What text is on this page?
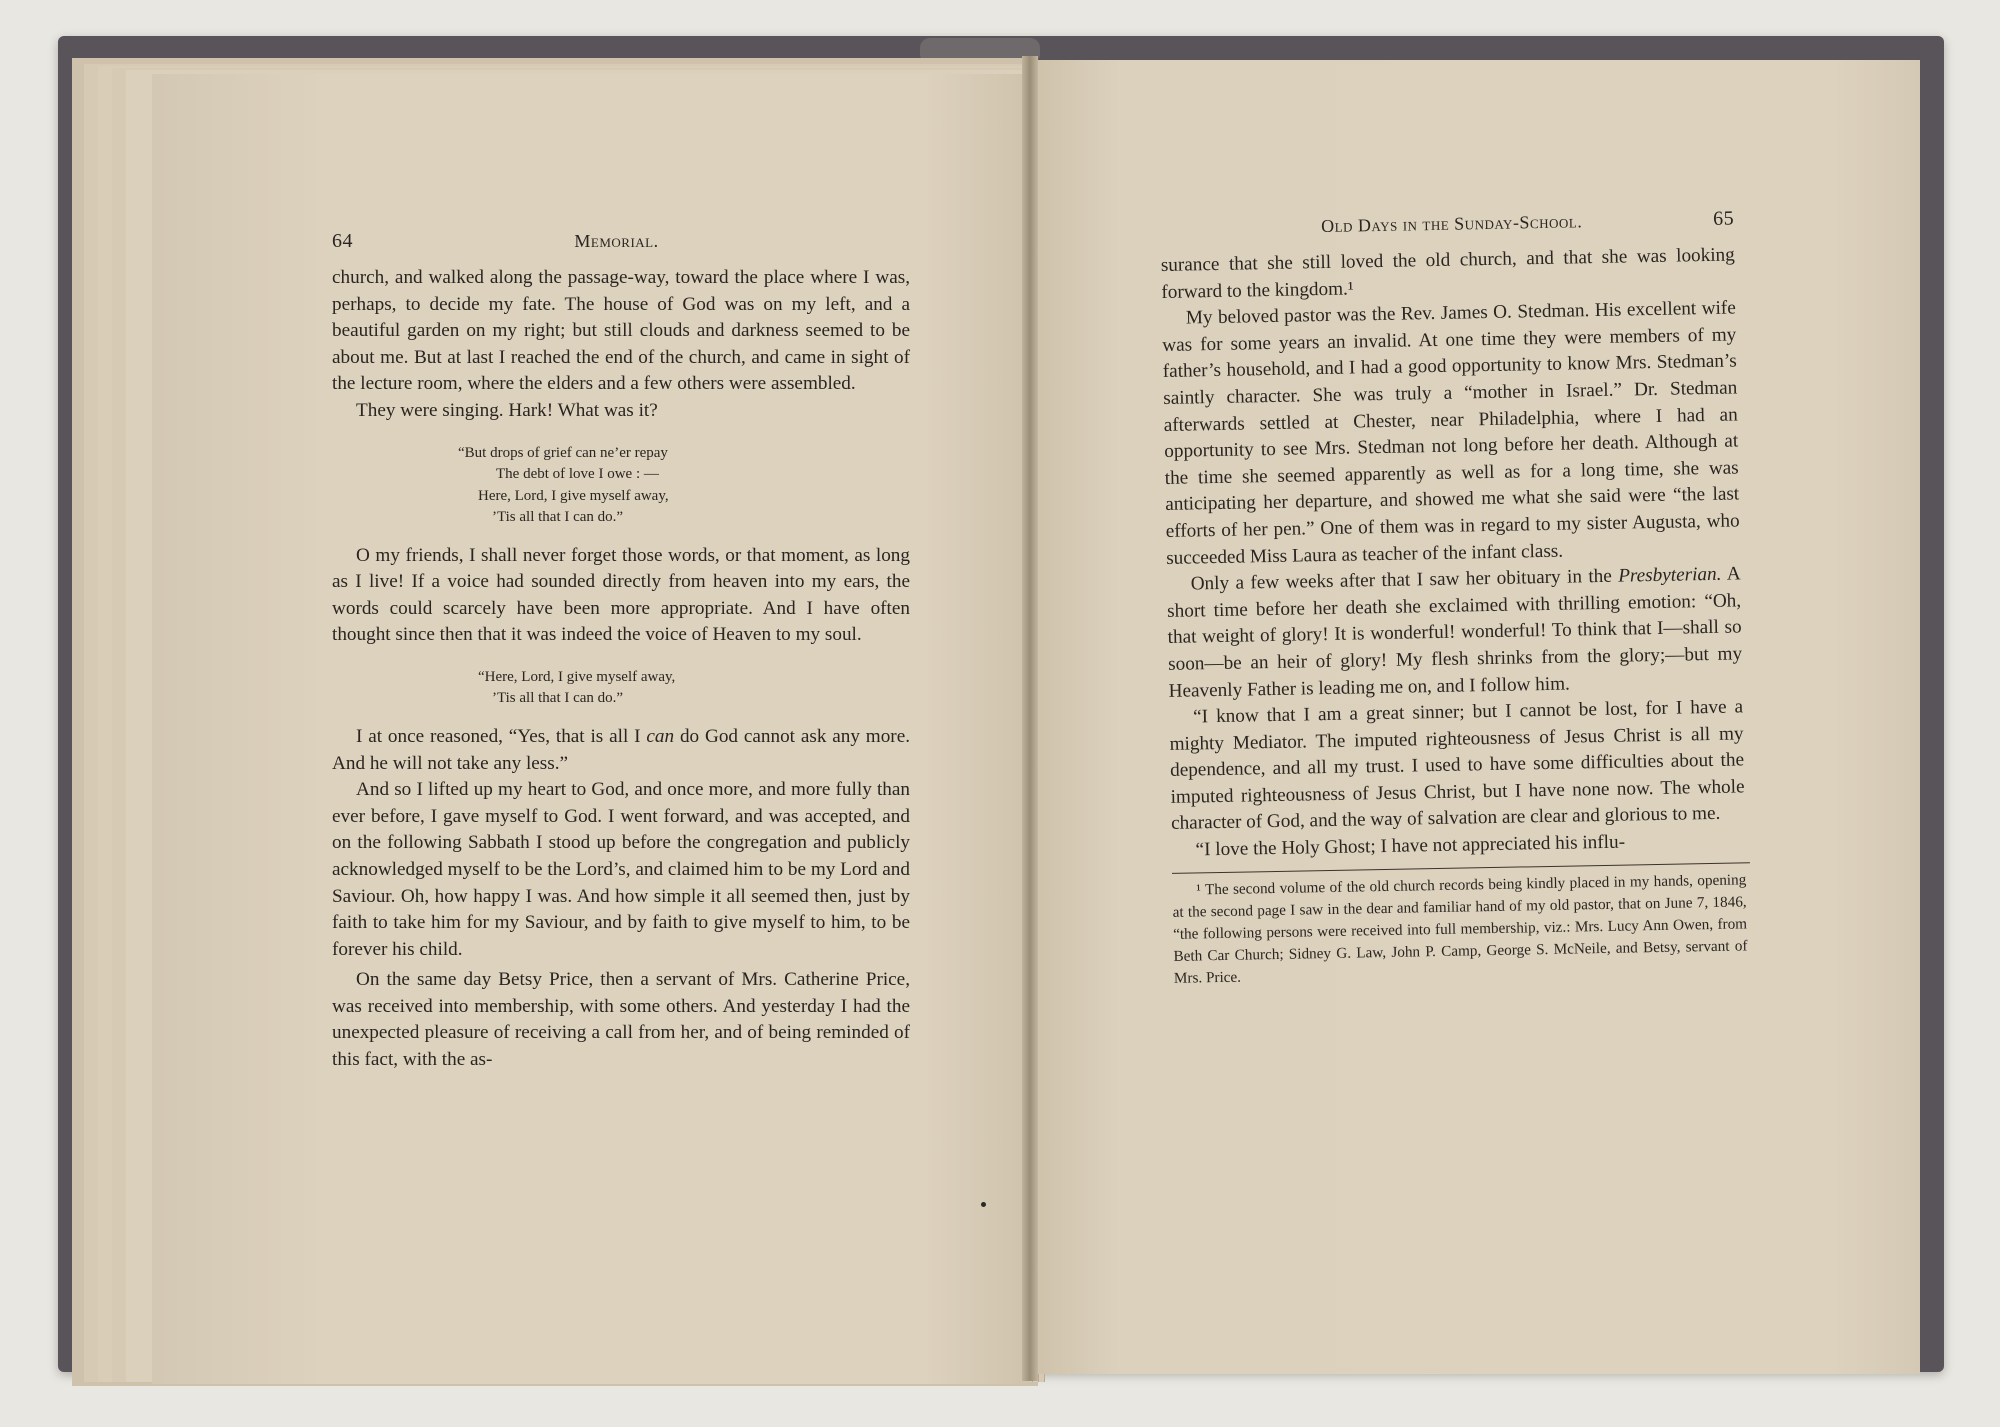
64	Memorial.

church, and walked along the passage-way, toward the place where I was, perhaps, to decide my fate. The house of God was on my left, and a beautiful garden on my right; but still clouds and darkness seemed to be about me. But at last I reached the end of the church, and came in sight of the lecture room, where the elders and a few others were assembled.

They were singing. Hark! What was it?

“But drops of grief can ne’er repay
The debt of love I owe : —
Here, Lord, I give myself away,
’Tis all that I can do.”

O my friends, I shall never forget those words, or that moment, as long as I live! If a voice had sounded directly from heaven into my ears, the words could scarcely have been more appropriate. And I have often thought since then that it was indeed the voice of Heaven to my soul.

“Here, Lord, I give myself away,
’Tis all that I can do.”

I at once reasoned, “Yes, that is all I can do God cannot ask any more. And he will not take any less.”

And so I lifted up my heart to God, and once more, and more fully than ever before, I gave myself to God. I went forward, and was accepted, and on the following Sabbath I stood up before the congregation and publicly acknowledged myself to be the Lord’s, and claimed him to be my Lord and Saviour. Oh, how happy I was. And how simple it all seemed then, just by faith to take him for my Saviour, and by faith to give myself to him, to be forever his child.

On the same day Betsy Price, then a servant of Mrs. Catherine Price, was received into membership, with some others. And yesterday I had the unexpected pleasure of receiving a call from her, and of being reminded of this fact, with the as-

Old Days in the Sunday-School.	65

surance that she still loved the old church, and that she was looking forward to the kingdom.¹

My beloved pastor was the Rev. James O. Stedman. His excellent wife was for some years an invalid. At one time they were members of my father’s household, and I had a good opportunity to know Mrs. Stedman’s saintly character. She was truly a “mother in Israel.” Dr. Stedman afterwards settled at Chester, near Philadelphia, where I had an opportunity to see Mrs. Stedman not long before her death. Although at the time she seemed apparently as well as for a long time, she was anticipating her departure, and showed me what she said were “the last efforts of her pen.” One of them was in regard to my sister Augusta, who succeeded Miss Laura as teacher of the infant class.

Only a few weeks after that I saw her obituary in the Presbyterian. A short time before her death she exclaimed with thrilling emotion: “Oh, that weight of glory! It is wonderful! wonderful! To think that I—shall so soon—be an heir of glory! My flesh shrinks from the glory;—but my Heavenly Father is leading me on, and I follow him.

“I know that I am a great sinner; but I cannot be lost, for I have a mighty Mediator. The imputed righteousness of Jesus Christ is all my dependence, and all my trust. I used to have some difficulties about the imputed righteousness of Jesus Christ, but I have none now. The whole character of God, and the way of salvation are clear and glorious to me.

“I love the Holy Ghost; I have not appreciated his influ-

¹ The second volume of the old church records being kindly placed in my hands, opening at the second page I saw in the dear and familiar hand of my old pastor, that on June 7, 1846, “the following persons were received into full membership, viz.: Mrs. Lucy Ann Owen, from Beth Car Church; Sidney G. Law, John P. Camp, George S. McNeile, and Betsy, servant of Mrs. Price.
